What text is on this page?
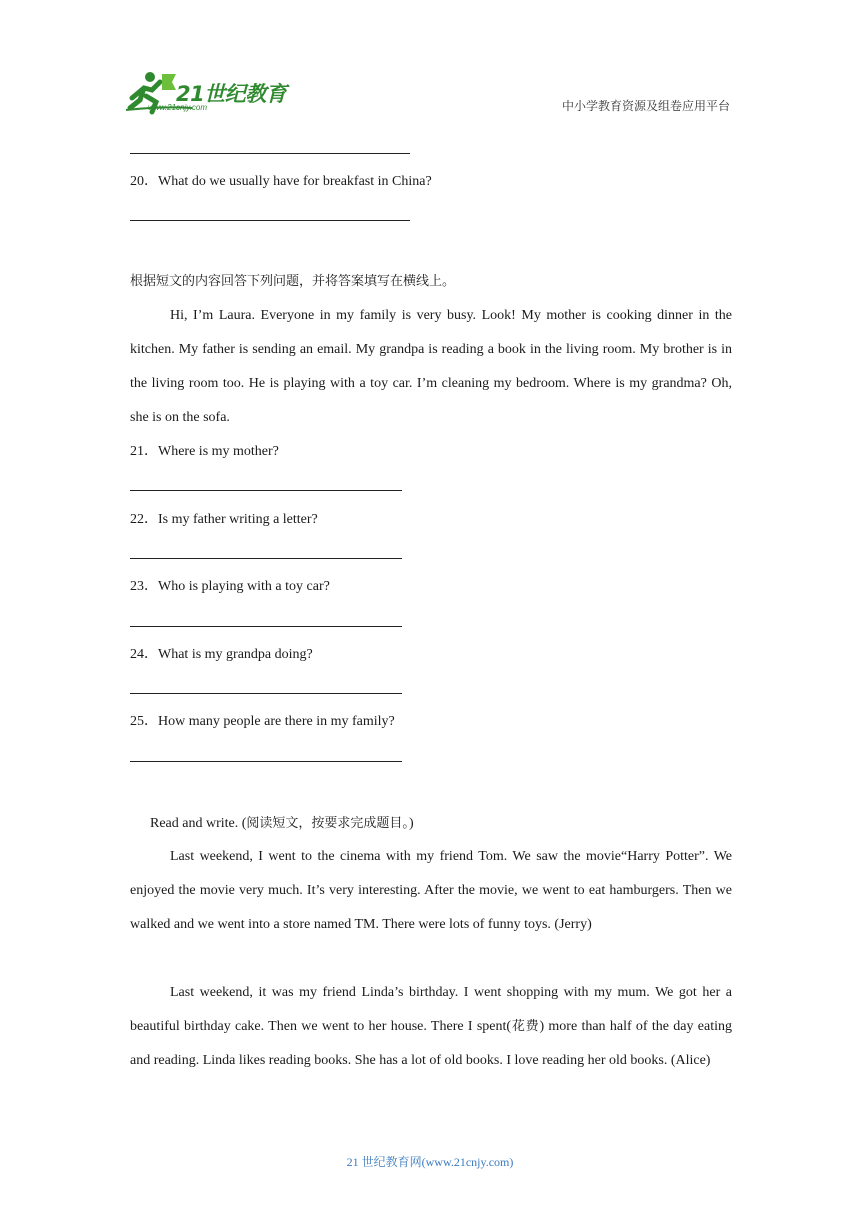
21世纪教育
www.21cnjy.com	中小学教育资源及组卷应用平台
20．What do we usually have for breakfast in China?
根据短文的内容回答下列问题，并将答案填写在横线上。
Hi, I’m Laura. Everyone in my family is very busy. Look! My mother is cooking dinner in the kitchen. My father is sending an email. My grandpa is reading a book in the living room. My brother is in the living room too. He is playing with a toy car. I’m cleaning my bedroom. Where is my grandma? Oh, she is on the sofa.
21．Where is my mother?
22．Is my father writing a letter?
23．Who is playing with a toy car?
24．What is my grandpa doing?
25．How many people are there in my family?
Read and write. (阅读短文，按要求完成题目。)
Last weekend, I went to the cinema with my friend Tom. We saw the movie“Harry Potter”. We enjoyed the movie very much. It’s very interesting. After the movie, we went to eat hamburgers. Then we walked and we went into a store named TM. There were lots of funny toys. (Jerry)
Last weekend, it was my friend Linda’s birthday. I went shopping with my mum. We got her a beautiful birthday cake. Then we went to her house. There I spent(花费) more than half of the day eating and reading. Linda likes reading books. She has a lot of old books. I love reading her old books. (Alice)
21 世纪教育网(www.21cnjy.com)
